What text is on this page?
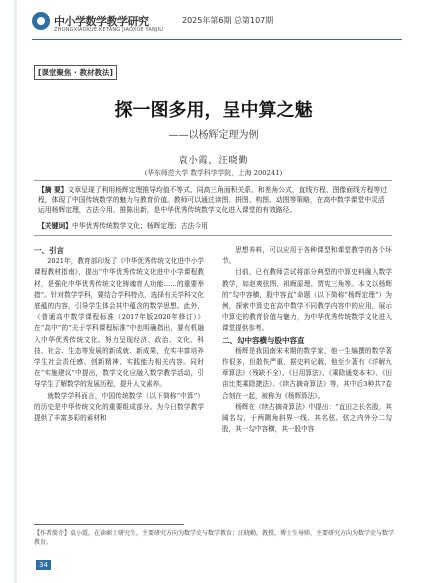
中小学数学教学研究	2025年第6期 总第107期
ZHONGXIAOXUE KETANG JIAOXUE YANJIU
[课堂聚焦 · 教材教法]
探一图多用，呈中算之魅
——以杨辉定理为例
袁小霞，汪晓勤
(华东师范大学 数学科学学院，上海 200241)
【摘 要】文章呈现了利用杨辉定理推导均值不等式、同高三角面积关系、和差角公式，直线方程、图像面线方程等过程，体现了中国传统数学的魅力与教育价值。教师可以通过读图、拼图、构图、动图等策略，在高中数学课堂中灵活运用杨辉定理，古法今用、推陈出新，是中华优秀传统数学文化进入课堂的有效路径。
【关键词】中华优秀传统数学文化；杨辉定理；古法今用

一、引言

2021年，教育部印发了《中华优秀传统文化进中小学课程教材指南》，提出“中华优秀传统文化进中小学课程教材，是强化中华优秀传统文化铸魂育人功能……的重要举措”。针对数学学科，要结合学科特点，选择有关学科文化底蕴的内容，引导学生体会其中蕴含的数学思想。此外，《普通高中数学课程标准（2017年版2020年修订）》在“高中”的“关于学科课程标准”中也明确指出，要有机融入中华优秀传统文化。努力呈现经济、政治、文化、科技、社会、生态等发展的新成就、新成果，充实丰富培养学生社会责任感、创新精神、实践能力相关内容。同时在“实施建议”中提出，数学文化应融入数学教学活动，引导学生了解数学的发展历程，提升人文素养。

就数学学科而言，中国传统数学（以下简称“中算”）的历史是中华传统文化的重要组成部分。为今日数学教学提供了丰富多彩的素材和

思想养料，可以应用于各种课型和课堂教学的各个环节。

目前，已有教师尝试将部分典型的中算史料融入数学教学，如赵爽弦图、祖暅原理、贾宪三角等。本文以杨辉的“勾中容横，股中容直”命题（以下简称“杨辉定理”）为例，探索中算史在高中数学不同教学内容中的应用，展示中算史的教育价值与魅力，为中华优秀传统数学文化进入课堂提供参考。

二、勾中容横与股中容直

杨辉是我国南宋末期的数学家，他一生编撰的数学著作很多，但散佚严重，据史料记载，他至少著有《详解九章算法》（残缺不全）、《日用算法》、《乘除通变本末》、《田亩比类乘除捷法》、《续古摘奇算法》等，其中后3种共7卷合刻在一起，被称为《杨辉算法》。

杨辉在《续古摘奇算法》中提出：“直田之长名股，其阔名勾，于两隅角斜界一线，其名弦。弦之内外分二勾股，其一勾中容横，其一股中容

【作者简介】袁小霞，在读硕士研究生，主要研究方向为数学史与数学教育；汪晓勤，教授，博士生导师，主要研究方向为数学史与数学教育。
34
